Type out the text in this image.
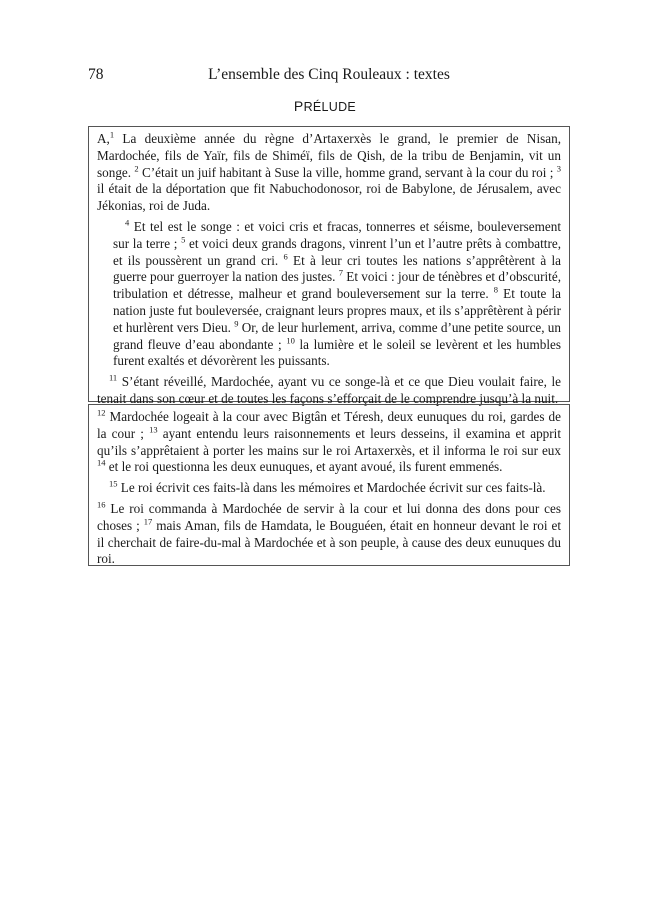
78	L’ensemble des Cinq Rouleaux : textes
PRÉLUDE

A,$^1$ La deuxième année du règne d’Artaxerxès le grand, le premier de Nisan, Mardochée, fils de Yaïr, fils de Shiméï, fils de Qish, de la tribu de Benjamin, vit un songe. $^2$ C’était un juif habitant à Suse la ville, homme grand, servant à la cour du roi ; $^3$ il était de la déportation que fit Nabuchodonosor, roi de Babylone, de Jérusalem, avec Jékonias, roi de Juda.

$^4$ Et tel est le songe : et voici cris et fracas, tonnerres et séisme, bouleversement sur la terre ; $^5$ et voici deux grands dragons, vinrent l’un et l’autre prêts à combattre, et ils poussèrent un grand cri. $^6$ Et à leur cri toutes les nations s’apprêtèrent à la guerre pour guerroyer la nation des justes. $^7$ Et voici : jour de ténèbres et d’obscurité, tribulation et détresse, malheur et grand bouleversement sur la terre. $^8$ Et toute la nation juste fut bouleversée, craignant leurs propres maux, et ils s’apprêtèrent à périr et hurlèrent vers Dieu. $^9$ Or, de leur hurlement, arriva, comme d’une petite source, un grand fleuve d’eau abondante ; $^{10}$ la lumière et le soleil se levèrent et les humbles furent exaltés et dévorèrent les puissants.

$^{11}$ S’étant réveillé, Mardochée, ayant vu ce songe-là et ce que Dieu voulait faire, le tenait dans son cœur et de toutes les façons s’efforçait de le comprendre jusqu’à la nuit.

$^{12}$ Mardochée logeait à la cour avec Bigtân et Téresh, deux eunuques du roi, gardes de la cour ; $^{13}$ ayant entendu leurs raisonnements et leurs desseins, il examina et apprit qu’ils s’apprêtaient à porter les mains sur le roi Artaxerxès, et il informa le roi sur eux $^{14}$ et le roi questionna les deux eunuques, et ayant avoué, ils furent emmenés.

$^{15}$ Le roi écrivit ces faits-là dans les mémoires et Mardochée écrivit sur ces faits-là.

$^{16}$ Le roi commanda à Mardochée de servir à la cour et lui donna des dons pour ces choses ; $^{17}$ mais Aman, fils de Hamdata, le Bouguéen, était en honneur devant le roi et il cherchait de faire-du-mal à Mardochée et à son peuple, à cause des deux eunuques du roi.
